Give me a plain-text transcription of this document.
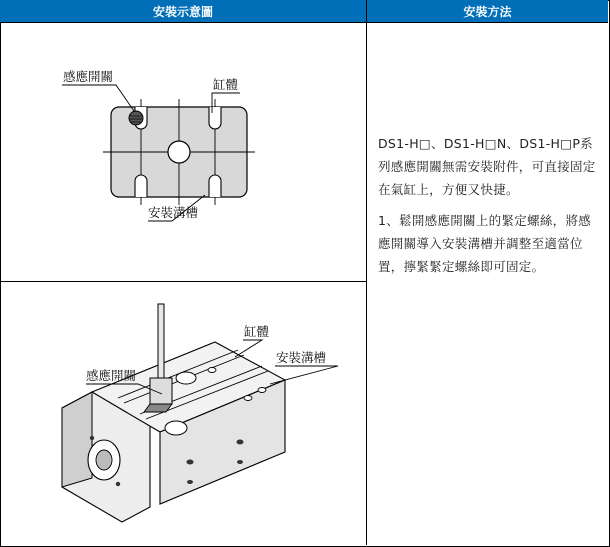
安裝示意圖	安裝方法
感應開關
缸體
安裝溝槽
缸體
安裝溝槽
感應開關

DS1-H□、DS1-H□N、DS1-H□P系列感應開關無需安裝附件，可直接固定在氣缸上，方便又快捷。

1、鬆開感應開關上的緊定螺絲，將感應開關導入安裝溝槽并調整至適當位置，擰緊緊定螺絲即可固定。
